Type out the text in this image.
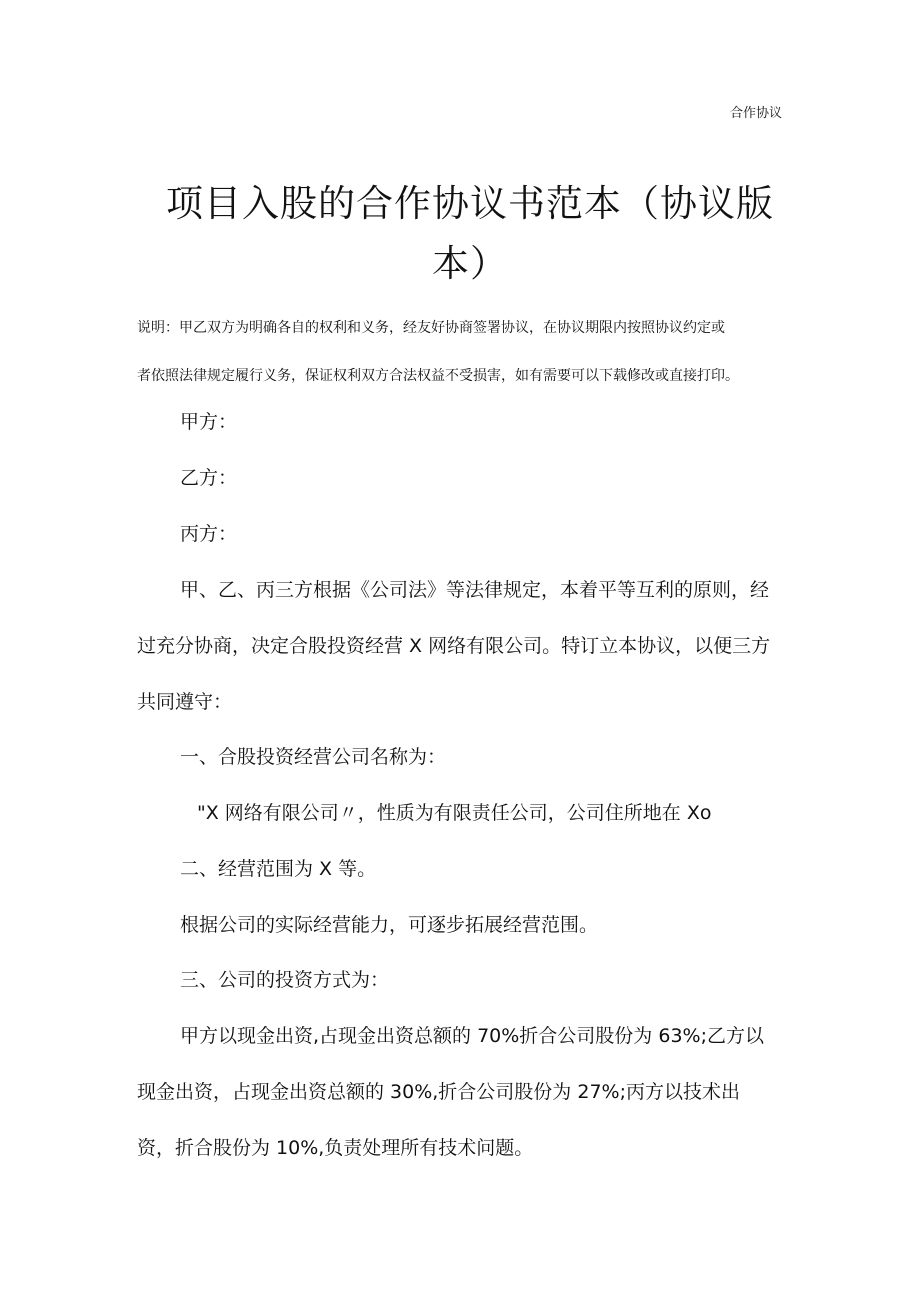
合作协议
项目入股的合作协议书范本（协议版
本）
说明：甲乙双方为明确各自的权利和义务，经友好协商签署协议，在协议期限内按照协议约定或
者依照法律规定履行义务，保证权利双方合法权益不受损害，如有需要可以下载修改或直接打印。
甲方：
乙方：
丙方：
甲、乙、丙三方根据《公司法》等法律规定，本着平等互利的原则，经
过充分协商，决定合股投资经营 X 网络有限公司。特订立本协议，以便三方
共同遵守：
一、合股投资经营公司名称为：
"X 网络有限公司〃，性质为有限责任公司，公司住所地在 Xo
二、经营范围为 X 等。
根据公司的实际经营能力，可逐步拓展经营范围。
三、公司的投资方式为：
甲方以现金出资,占现金出资总额的 70%折合公司股份为 63%;乙方以
现金出资，占现金出资总额的 30%,折合公司股份为 27%;丙方以技术出
资，折合股份为 10%,负责处理所有技术问题。
